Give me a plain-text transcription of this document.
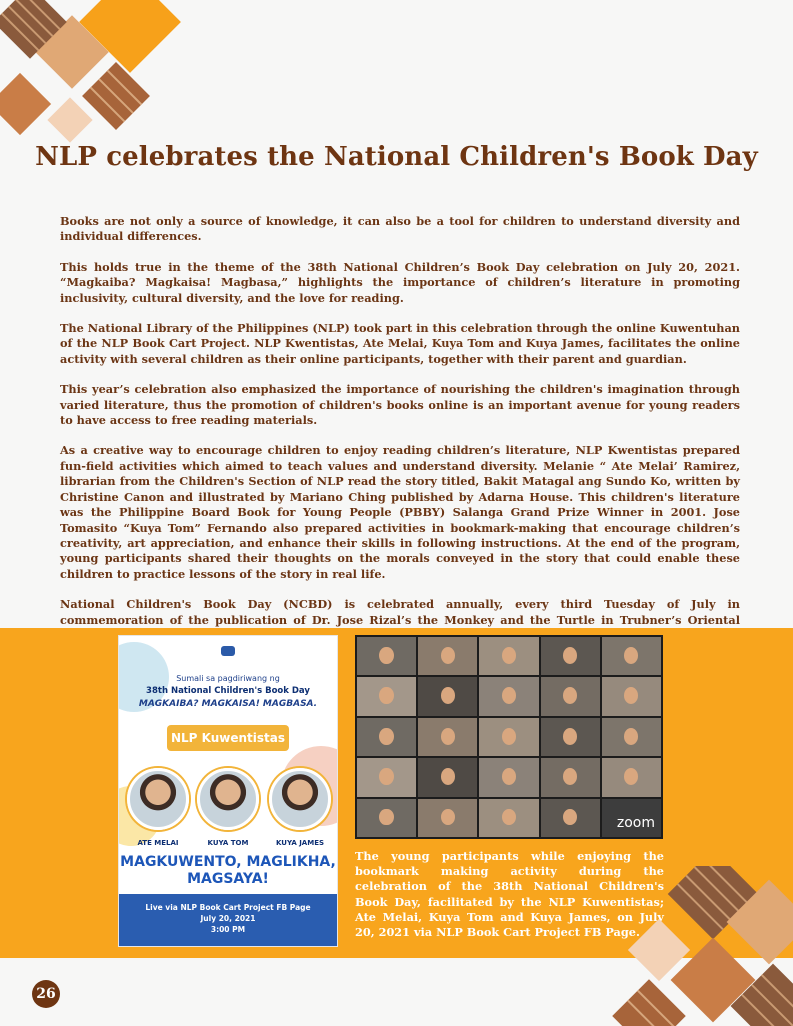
NLP celebrates the National Children's Book Day

Books are not only a source of knowledge, it can also be a tool for children to understand diversity and individual differences.

This holds true in the theme of the 38th National Children’s Book Day celebration on July 20, 2021. “Magkaiba? Magkaisa! Magbasa,” highlights the importance of children’s literature in promoting inclusivity, cultural diversity, and the love for reading.

The National Library of the Philippines (NLP) took part in this celebration through the online Kuwentuhan of the NLP Book Cart Project. NLP Kwentistas, Ate Melai, Kuya Tom and Kuya James, facilitates the online activity with several children as their online participants, together with their parent and guardian.

This year’s celebration also emphasized the importance of nourishing the children's imagination through varied literature, thus the promotion of children's books online is an important avenue for young readers to have access to free reading materials.

As a creative way to encourage children to enjoy reading children’s literature, NLP Kwentistas prepared fun-field activities which aimed to teach values and understand diversity. Melanie “ Ate Melai’ Ramirez, librarian from the Children's Section of NLP read the story titled, Bakit Matagal ang Sundo Ko, written by Christine Canon and illustrated by Mariano Ching published by Adarna House. This children's literature was the Philippine Board Book for Young People (PBBY) Salanga Grand Prize Winner in 2001. Jose Tomasito “Kuya Tom” Fernando also prepared activities in bookmark-making that encourage children’s creativity, art appreciation, and enhance their skills in following instructions. At the end of the program, young participants shared their thoughts on the morals conveyed in the story that could enable these children to practice lessons of the story in real life.

National Children's Book Day (NCBD) is celebrated annually, every third Tuesday of July in commemoration of the publication of Dr. Jose Rizal’s the Monkey and the Turtle in Trubner’s Oriental

Sumali sa pagdiriwang ng
38th National Children's Book Day
MAGKAIBA? MAGKAISA! MAGBASA.
NLP Kuwentistas
ATE MELAI	KUYA TOM	KUYA JAMES
MAGKUWENTO, MAGLIKHA,
MAGSAYA!
Live via NLP Book Cart Project FB Page
July 20, 2021
3:00 PM
zoom

The young participants while enjoying the bookmark making activity during the celebration of the 38th National Children's Book Day, facilitated by the NLP Kuwentistas; Ate Melai, Kuya Tom and Kuya James, on July 20, 2021 via NLP Book Cart Project FB Page.

26
